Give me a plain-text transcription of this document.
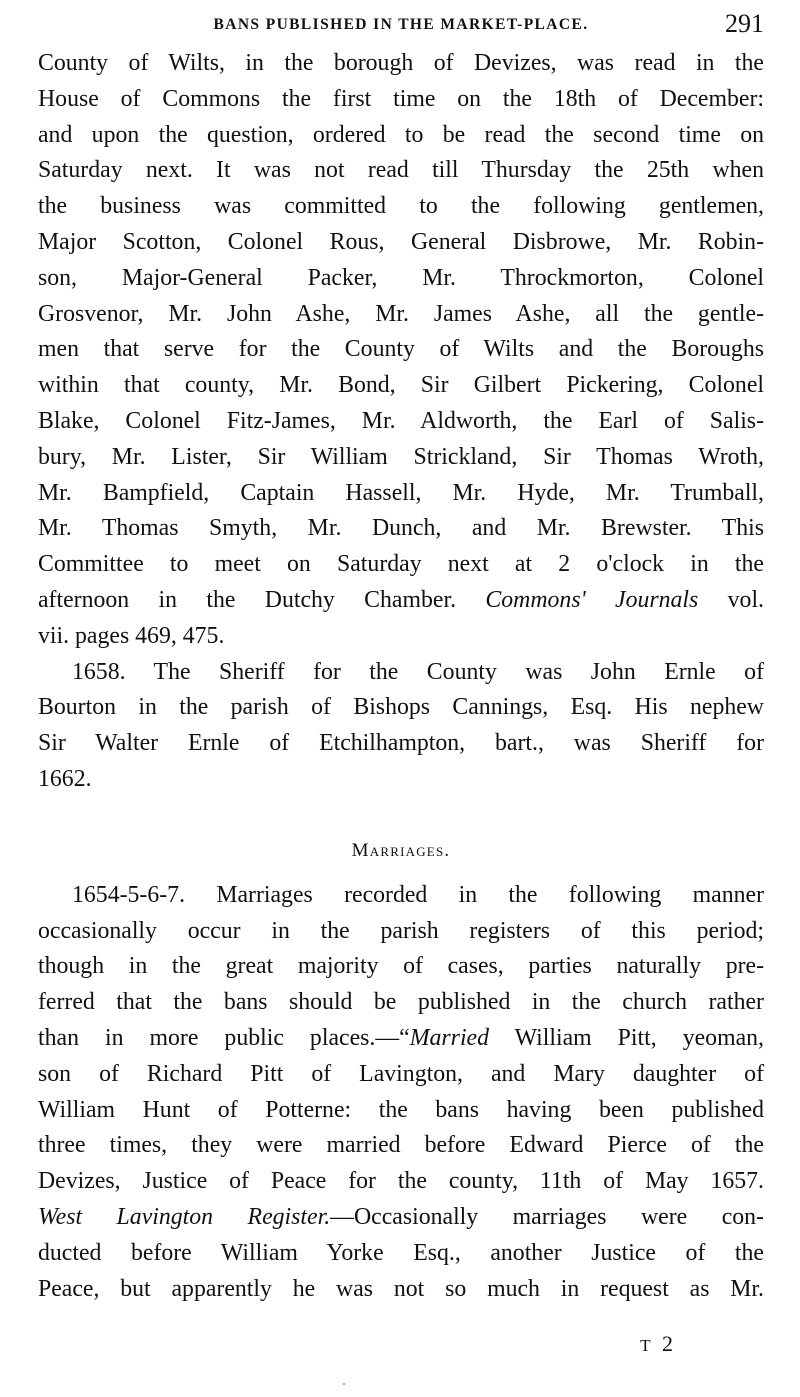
BANS PUBLISHED IN THE MARKET-PLACE.	291
County of Wilts, in the borough of Devizes, was read in the
House of Commons the first time on the 18th of December:
and upon the question, ordered to be read the second time on
Saturday next. It was not read till Thursday the 25th when
the business was committed to the following gentlemen,
Major Scotton, Colonel Rous, General Disbrowe, Mr. Robin-
son, Major-General Packer, Mr. Throckmorton, Colonel
Grosvenor, Mr. John Ashe, Mr. James Ashe, all the gentle-
men that serve for the County of Wilts and the Boroughs
within that county, Mr. Bond, Sir Gilbert Pickering, Colonel
Blake, Colonel Fitz-James, Mr. Aldworth, the Earl of Salis-
bury, Mr. Lister, Sir William Strickland, Sir Thomas Wroth,
Mr. Bampfield, Captain Hassell, Mr. Hyde, Mr. Trumball,
Mr. Thomas Smyth, Mr. Dunch, and Mr. Brewster. This
Committee to meet on Saturday next at 2 o'clock in the
afternoon in the Dutchy Chamber. Commons' Journals vol.
vii. pages 469, 475.
1658. The Sheriff for the County was John Ernle of
Bourton in the parish of Bishops Cannings, Esq. His nephew
Sir Walter Ernle of Etchilhampton, bart., was Sheriff for
1662.
Marriages.
1654-5-6-7. Marriages recorded in the following manner
occasionally occur in the parish registers of this period;
though in the great majority of cases, parties naturally pre-
ferred that the bans should be published in the church rather
than in more public places.—“Married William Pitt, yeoman,
son of Richard Pitt of Lavington, and Mary daughter of
William Hunt of Potterne: the bans having been published
three times, they were married before Edward Pierce of the
Devizes, Justice of Peace for the county, 11th of May 1657.
West Lavington Register.—Occasionally marriages were con-
ducted before William Yorke Esq., another Justice of the
Peace, but apparently he was not so much in request as Mr.
T 2
